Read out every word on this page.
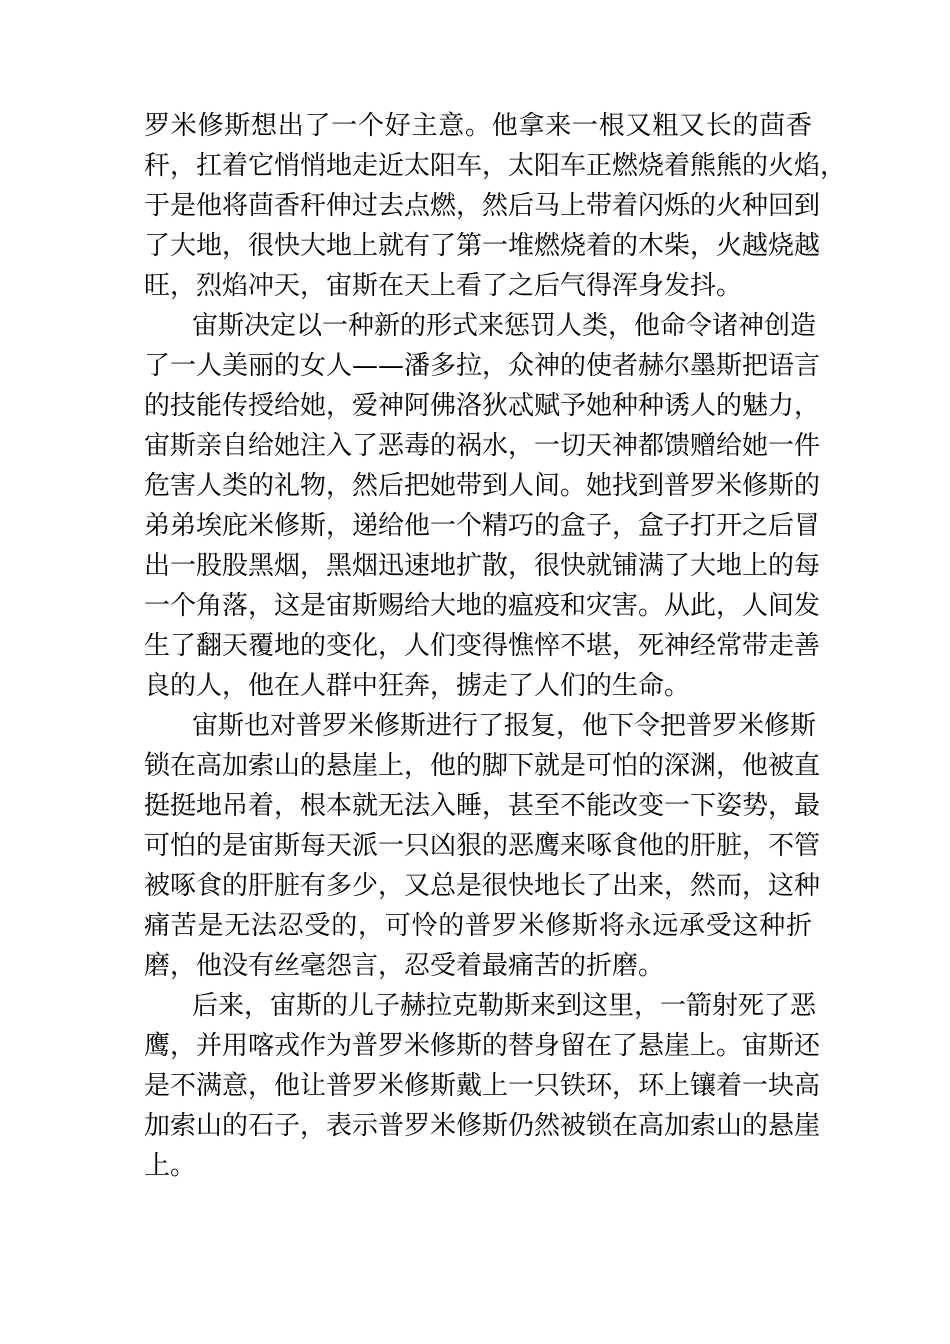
罗米修斯想出了一个好主意。他拿来一根又粗又长的茴香
秆，扛着它悄悄地走近太阳车，太阳车正燃烧着熊熊的火焰，
于是他将茴香秆伸过去点燃，然后马上带着闪烁的火种回到
了大地，很快大地上就有了第一堆燃烧着的木柴，火越烧越
旺，烈焰冲天，宙斯在天上看了之后气得浑身发抖。
宙斯决定以一种新的形式来惩罚人类，他命令诸神创造
了一人美丽的女人——潘多拉，众神的使者赫尔墨斯把语言
的技能传授给她，爱神阿佛洛狄忒赋予她种种诱人的魅力，
宙斯亲自给她注入了恶毒的祸水，一切天神都馈赠给她一件
危害人类的礼物，然后把她带到人间。她找到普罗米修斯的
弟弟埃庇米修斯，递给他一个精巧的盒子，盒子打开之后冒
出一股股黑烟，黑烟迅速地扩散，很快就铺满了大地上的每
一个角落，这是宙斯赐给大地的瘟疫和灾害。从此，人间发
生了翻天覆地的变化，人们变得憔悴不堪，死神经常带走善
良的人，他在人群中狂奔，掳走了人们的生命。
宙斯也对普罗米修斯进行了报复，他下令把普罗米修斯
锁在高加索山的悬崖上，他的脚下就是可怕的深渊，他被直
挺挺地吊着，根本就无法入睡，甚至不能改变一下姿势，最
可怕的是宙斯每天派一只凶狠的恶鹰来啄食他的肝脏，不管
被啄食的肝脏有多少，又总是很快地长了出来，然而，这种
痛苦是无法忍受的，可怜的普罗米修斯将永远承受这种折
磨，他没有丝毫怨言，忍受着最痛苦的折磨。
后来，宙斯的儿子赫拉克勒斯来到这里，一箭射死了恶
鹰，并用喀戎作为普罗米修斯的替身留在了悬崖上。宙斯还
是不满意，他让普罗米修斯戴上一只铁环，环上镶着一块高
加索山的石子，表示普罗米修斯仍然被锁在高加索山的悬崖
上。
